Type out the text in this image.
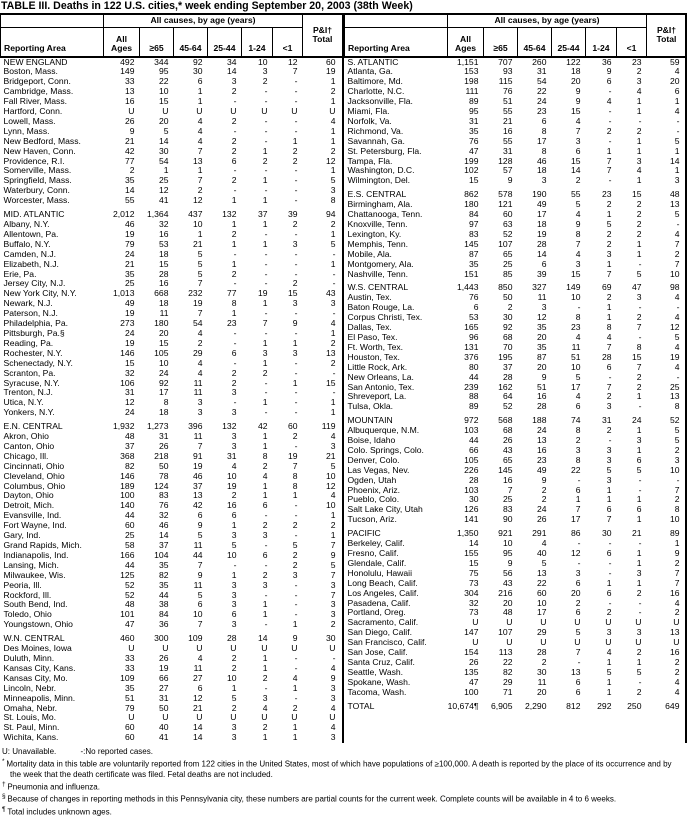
TABLE III. Deaths in 122 U.S. cities,* week ending September 20, 2003 (38th Week)
	All causes, by age (years)						P&I†
Total

Reporting Area	All Ages	≥65	45-64	25-44	1-24	<1	
NEW ENGLAND	492	344	92	34	10	12	60
Boston, Mass.	149	95	30	14	3	7	19
Bridgeport, Conn.	33	22	6	3	2	-	1
Cambridge, Mass.	13	10	1	2	-	-	2
Fall River, Mass.	16	15	1	-	-	-	1
Hartford, Conn.	U	U	U	U	U	U	U
Lowell, Mass.	26	20	4	2	-	-	4
Lynn, Mass.	9	5	4	-	-	-	1
New Bedford, Mass.	21	14	4	2	-	1	1
New Haven, Conn.	42	30	7	2	1	2	2
Providence, R.I.	77	54	13	6	2	2	12
Somerville, Mass.	2	1	1	-	-	-	1
Springfield, Mass.	35	25	7	2	1	-	5
Waterbury, Conn.	14	12	2	-	-	-	3
Worcester, Mass.	55	41	12	1	1	-	8

MID. ATLANTIC	2,012	1,364	437	132	37	39	94
Albany, N.Y.	46	32	10	1	1	2	2
Allentown, Pa.	19	16	1	2	-	-	1
Buffalo, N.Y.	79	53	21	1	1	3	5
Camden, N.J.	24	18	5	-	-	-	-
Elizabeth, N.J.	21	15	5	1	-	-	1
Erie, Pa.	35	28	5	2	-	-	-
Jersey City, N.J.	25	16	7	-	-	2	-
New York City, N.Y.	1,013	668	232	77	19	15	43
Newark, N.J.	49	18	19	8	1	3	3
Paterson, N.J.	19	11	7	1	-	-	-
Philadelphia, Pa.	273	180	54	23	7	9	4
Pittsburgh, Pa.§	24	20	4	-	-	-	1
Reading, Pa.	19	15	2	-	1	1	2
Rochester, N.Y.	146	105	29	6	3	3	13
Schenectady, N.Y.	15	10	4	-	1	-	2
Scranton, Pa.	32	24	4	2	2	-	-
Syracuse, N.Y.	106	92	11	2	-	1	15
Trenton, N.J.	31	17	11	3	-	-	-
Utica, N.Y.	12	8	3	-	1	-	1
Yonkers, N.Y.	24	18	3	3	-	-	1

E.N. CENTRAL	1,932	1,273	396	132	42	60	119
Akron, Ohio	48	31	11	3	1	2	4
Canton, Ohio	37	26	7	3	1	-	3
Chicago, Ill.	368	218	91	31	8	19	21
Cincinnati, Ohio	82	50	19	4	2	7	5
Cleveland, Ohio	146	78	46	10	4	8	10
Columbus, Ohio	189	124	37	19	1	8	12
Dayton, Ohio	100	83	13	2	1	1	4
Detroit, Mich.	140	76	42	16	6	-	10
Evansville, Ind.	44	32	6	6	-	-	1
Fort Wayne, Ind.	60	46	9	1	2	2	2
Gary, Ind.	25	14	5	3	3	-	1
Grand Rapids, Mich.	58	37	11	5	-	5	7
Indianapolis, Ind.	166	104	44	10	6	2	9
Lansing, Mich.	44	35	7	-	-	2	5
Milwaukee, Wis.	125	82	9	1	2	3	7
Peoria, Ill.	52	35	11	3	3	-	3
Rockford, Ill.	52	44	5	3	-	-	7
South Bend, Ind.	48	38	6	3	1	-	3
Toledo, Ohio	101	84	10	6	1	-	3
Youngstown, Ohio	47	36	7	3	-	1	2

W.N. CENTRAL	460	300	109	28	14	9	30
Des Moines, Iowa	U	U	U	U	U	U	U
Duluth, Minn.	33	26	4	2	1	-	-
Kansas City, Kans.	33	19	11	2	1	-	4
Kansas City, Mo.	109	66	27	10	2	4	9
Lincoln, Nebr.	35	27	6	1	-	1	3
Minneapolis, Minn.	51	31	12	5	3	-	3
Omaha, Nebr.	79	50	21	2	4	2	4
St. Louis, Mo.	U	U	U	U	U	U	U
St. Paul, Minn.	60	40	14	3	2	1	4
Wichita, Kans.	60	41	14	3	1	1	3
	All causes, by age (years)						P&I†
Total

Reporting Area	All Ages	≥65	45-64	25-44	1-24	<1	
S. ATLANTIC	1,151	707	260	122	36	23	59
Atlanta, Ga.	153	93	31	18	9	2	4
Baltimore, Md.	198	115	54	20	6	3	20
Charlotte, N.C.	111	76	22	9	-	4	6
Jacksonville, Fla.	89	51	24	9	4	1	1
Miami, Fla.	95	55	23	15	-	1	4
Norfolk, Va.	31	21	6	4	-	-	-
Richmond, Va.	35	16	8	7	2	2	-
Savannah, Ga.	76	55	17	3	-	1	5
St. Petersburg, Fla.	47	31	8	6	1	1	1
Tampa, Fla.	199	128	46	15	7	3	14
Washington, D.C.	102	57	18	14	7	4	1
Wilmington, Del.	15	9	3	2	-	1	3

E.S. CENTRAL	862	578	190	55	23	15	48
Birmingham, Ala.	180	121	49	5	2	2	13
Chattanooga, Tenn.	84	60	17	4	1	2	5
Knoxville, Tenn.	97	63	18	9	5	2	-
Lexington, Ky.	83	52	19	8	2	2	4
Memphis, Tenn.	145	107	28	7	2	1	7
Mobile, Ala.	87	65	14	4	3	1	2
Montgomery, Ala.	35	25	6	3	1	-	7
Nashville, Tenn.	151	85	39	15	7	5	10

W.S. CENTRAL	1,443	850	327	149	69	47	98
Austin, Tex.	76	50	11	10	2	3	4
Baton Rouge, La.	6	2	3	-	1	-	-
Corpus Christi, Tex.	53	30	12	8	1	2	4
Dallas, Tex.	165	92	35	23	8	7	12
El Paso, Tex.	96	68	20	4	4	-	5
Ft. Worth, Tex.	131	70	35	11	7	8	4
Houston, Tex.	376	195	87	51	28	15	19
Little Rock, Ark.	80	37	20	10	6	7	4
New Orleans, La.	44	28	9	5	-	2	-
San Antonio, Tex.	239	162	51	17	7	2	25
Shreveport, La.	88	64	16	4	2	1	13
Tulsa, Okla.	89	52	28	6	3	-	8

MOUNTAIN	972	568	188	74	31	24	52
Albuquerque, N.M.	103	68	24	8	2	1	5
Boise, Idaho	44	26	13	2	-	3	5
Colo. Springs, Colo.	66	43	16	3	3	1	2
Denver, Colo.	105	65	23	8	3	6	3
Las Vegas, Nev.	226	145	49	22	5	5	10
Ogden, Utah	28	16	9	-	3	-	-
Phoenix, Ariz.	103	7	2	6	1	-	7
Pueblo, Colo.	30	25	2	1	1	1	2
Salt Lake City, Utah	126	83	24	7	6	6	8
Tucson, Ariz.	141	90	26	17	7	1	10

PACIFIC	1,350	921	291	86	30	21	89
Berkeley, Calif.	14	10	4	-	-	-	1
Fresno, Calif.	155	95	40	12	6	1	9
Glendale, Calif.	15	9	5	-	-	1	2
Honolulu, Hawaii	75	56	13	3	-	3	7
Long Beach, Calif.	73	43	22	6	1	1	7
Los Angeles, Calif.	304	216	60	20	6	2	16
Pasadena, Calif.	32	20	10	2	-	-	4
Portland, Oreg.	73	48	17	6	2	-	2
Sacramento, Calif.	U	U	U	U	U	U	U
San Diego, Calif.	147	107	29	5	3	3	13
San Francisco, Calif.	U	U	U	U	U	U	U
San Jose, Calif.	154	113	28	7	4	2	16
Santa Cruz, Calif.	26	22	2	-	1	1	2
Seattle, Wash.	135	82	30	13	5	5	2
Spokane, Wash.	47	29	11	6	1	-	4
Tacoma, Wash.	100	71	20	6	1	2	4

TOTAL	10,674¶	6,905	2,290	812	292	250	649
U: Unavailable.	-:No reported cases.
* Mortality data in this table are voluntarily reported from 122 cities in the United States, most of which have populations of ≥100,000. A death is reported by the place of its occurrence and by the week that the death certificate was filed. Fetal deaths are not included.
† Pneumonia and influenza.
§ Because of changes in reporting methods in this Pennsylvania city, these numbers are partial counts for the current week. Complete counts will be available in 4 to 6 weeks.
¶ Total includes unknown ages.
